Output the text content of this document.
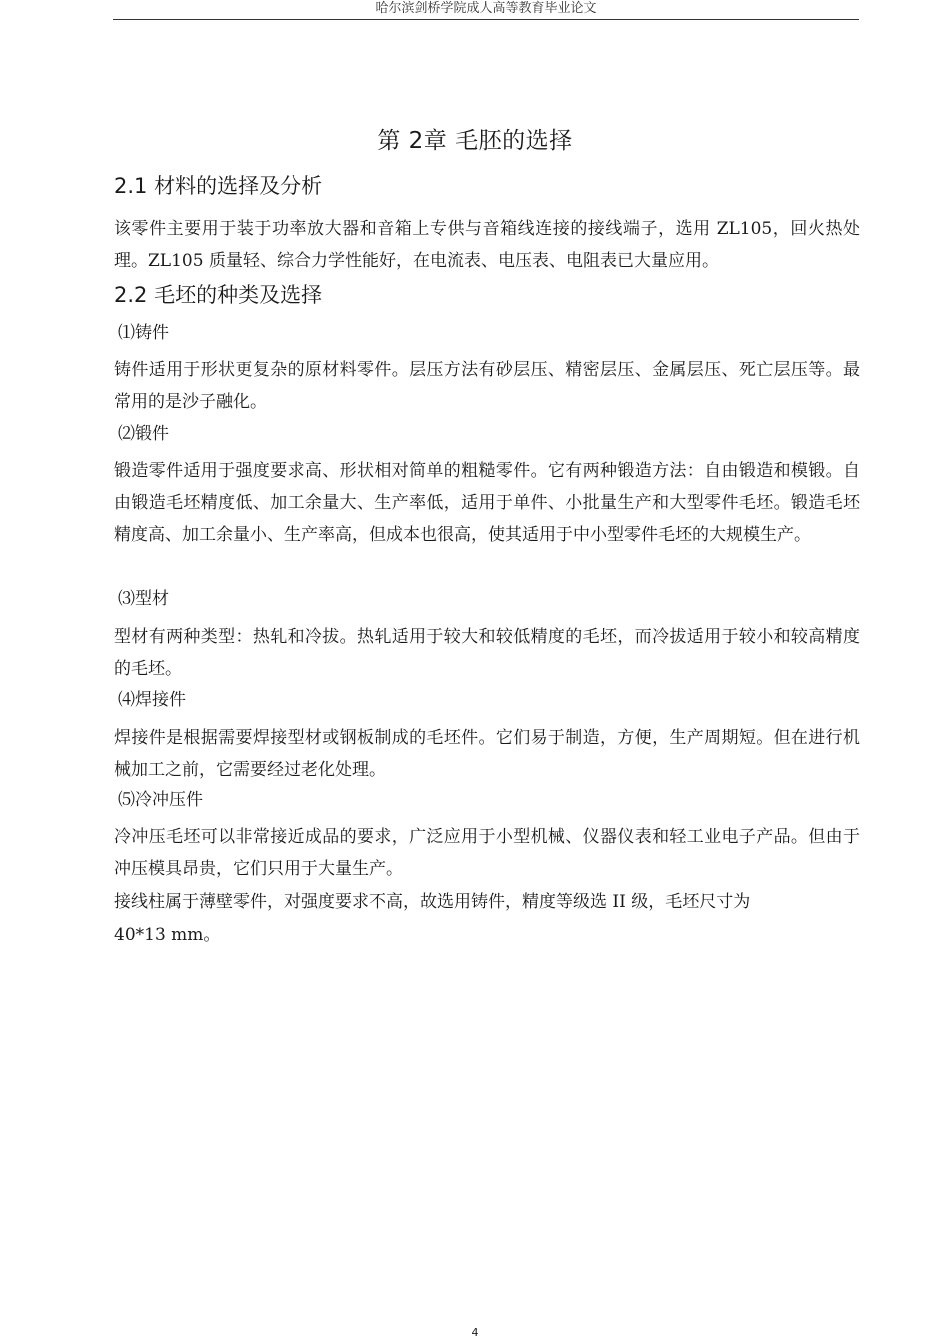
哈尔滨剑桥学院成人高等教育毕业论文
第 2章 毛胚的选择
2.1 材料的选择及分析
该零件主要用于装于功率放大器和音箱上专供与音箱线连接的接线端子，选用 ZL105，回火热处理。ZL105 质量轻、综合力学性能好，在电流表、电压表、电阻表已大量应用。
2.2 毛坯的种类及选择
⑴铸件
铸件适用于形状更复杂的原材料零件。层压方法有砂层压、精密层压、金属层压、死亡层压等。最常用的是沙子融化。
⑵锻件
锻造零件适用于强度要求高、形状相对简单的粗糙零件。它有两种锻造方法：自由锻造和模锻。自由锻造毛坯精度低、加工余量大、生产率低，适用于单件、小批量生产和大型零件毛坯。锻造毛坯精度高、加工余量小、生产率高，但成本也很高，使其适用于中小型零件毛坯的大规模生产。
⑶型材
型材有两种类型：热轧和冷拔。热轧适用于较大和较低精度的毛坯，而冷拔适用于较小和较高精度的毛坯。
⑷焊接件
焊接件是根据需要焊接型材或钢板制成的毛坯件。它们易于制造，方便，生产周期短。但在进行机械加工之前，它需要经过老化处理。
⑸冷冲压件
冷冲压毛坯可以非常接近成品的要求，广泛应用于小型机械、仪器仪表和轻工业电子产品。但由于冲压模具昂贵，它们只用于大量生产。
接线柱属于薄壁零件，对强度要求不高，故选用铸件，精度等级选 II 级，毛坯尺寸为
40*13 mm。
4
